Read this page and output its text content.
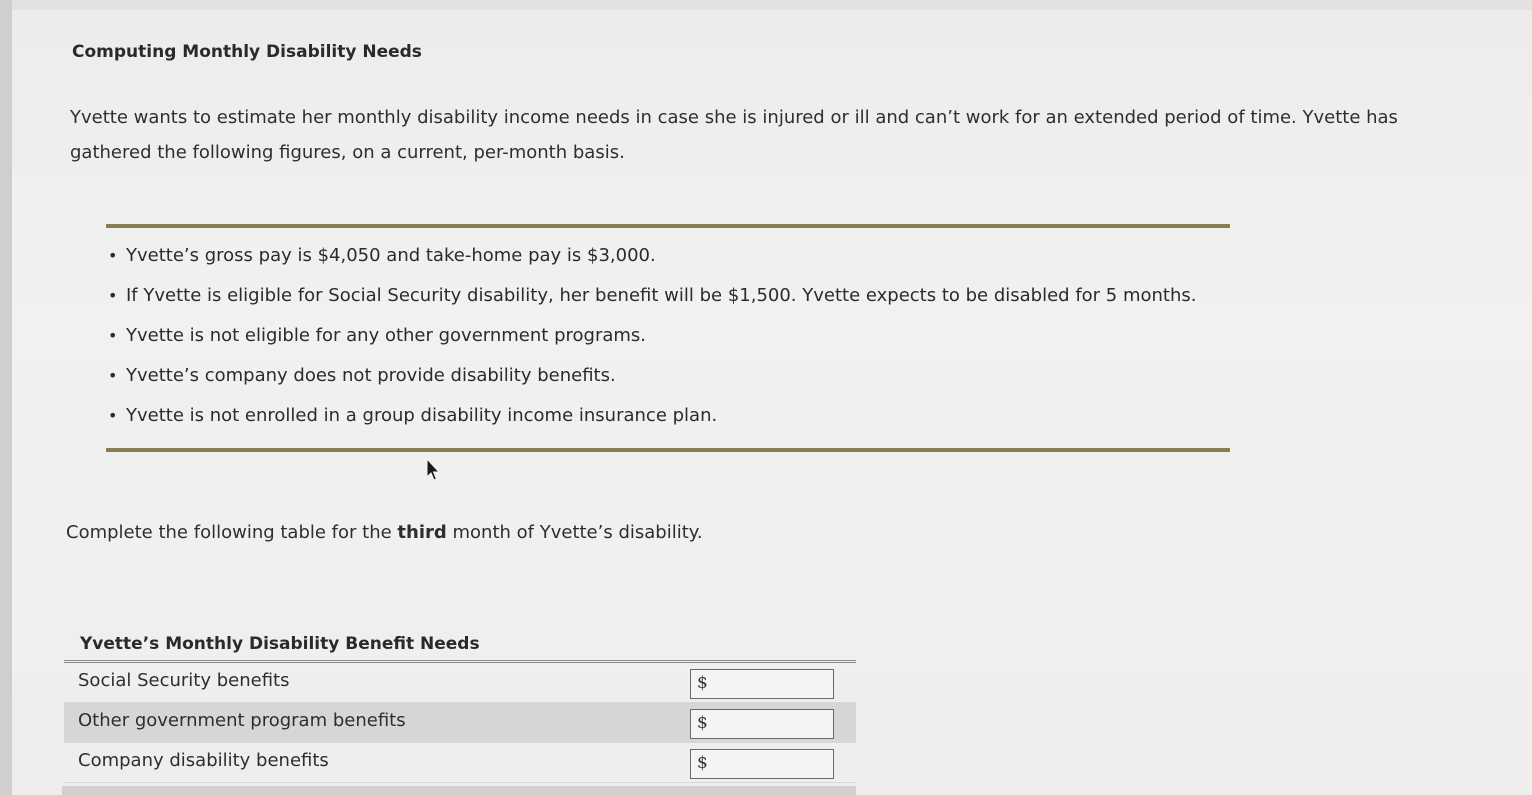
Computing Monthly Disability Needs
Yvette wants to estimate her monthly disability income needs in case she is injured or ill and can’t work for an extended period of time. Yvette has gathered the following figures, on a current, per-month basis.
• Yvette’s gross pay is $4,050 and take-home pay is $3,000.
• If Yvette is eligible for Social Security disability, her benefit will be $1,500. Yvette expects to be disabled for 5 months.
• Yvette is not eligible for any other government programs.
• Yvette’s company does not provide disability benefits.
• Yvette is not enrolled in a group disability income insurance plan.
Complete the following table for the third month of Yvette’s disability.
Yvette’s Monthly Disability Benefit Needs
Social Security benefits	$
Other government program benefits	$
Company disability benefits	$
